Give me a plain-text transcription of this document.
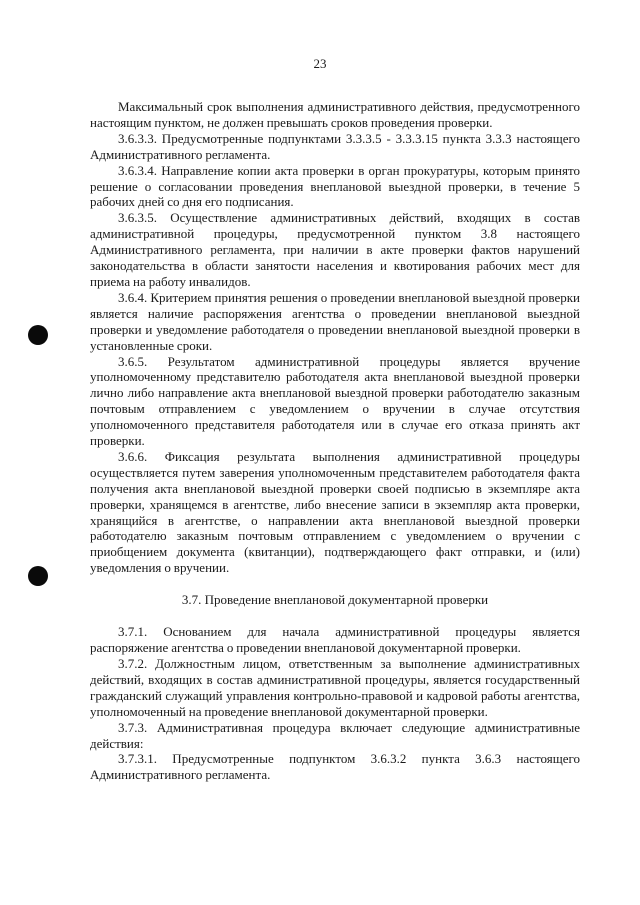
23

Максимальный срок выполнения административного действия, предусмотренного настоящим пунктом, не должен превышать сроков проведения проверки.

3.6.3.3. Предусмотренные подпунктами 3.3.3.5 - 3.3.3.15 пункта 3.3.3 настоящего Административного регламента.

3.6.3.4. Направление копии акта проверки в орган прокуратуры, которым принято решение о согласовании проведения внеплановой выездной проверки, в течение 5 рабочих дней со дня его подписания.

3.6.3.5. Осуществление административных действий, входящих в состав административной процедуры, предусмотренной пунктом 3.8 настоящего Административного регламента, при наличии в акте проверки фактов нарушений законодательства в области занятости населения и квотирования рабочих мест для приема на работу инвалидов.

3.6.4. Критерием принятия решения о проведении внеплановой выездной проверки является наличие распоряжения агентства о проведении внеплановой выездной проверки и уведомление работодателя о проведении внеплановой выездной проверки в установленные сроки.

3.6.5. Результатом административной процедуры является вручение уполномоченному представителю работодателя акта внеплановой выездной проверки лично либо направление акта внеплановой выездной проверки работодателю заказным почтовым отправлением с уведомлением о вручении в случае отсутствия уполномоченного представителя работодателя или в случае его отказа принять акт проверки.

3.6.6. Фиксация результата выполнения административной процедуры осуществляется путем заверения уполномоченным представителем работодателя факта получения акта внеплановой выездной проверки своей подписью в экземпляре акта проверки, хранящемся в агентстве, либо внесение записи в экземпляр акта проверки, хранящийся в агентстве, о направлении акта внеплановой выездной проверки работодателю заказным почтовым отправлением с уведомлением о вручении с приобщением документа (квитанции), подтверждающего факт отправки, и (или) уведомления о вручении.

3.7. Проведение внеплановой документарной проверки

3.7.1. Основанием для начала административной процедуры является распоряжение агентства о проведении внеплановой документарной проверки.

3.7.2. Должностным лицом, ответственным за выполнение административных действий, входящих в состав административной процедуры, является государственный гражданский служащий управления контрольно-правовой и кадровой работы агентства, уполномоченный на проведение внеплановой документарной проверки.

3.7.3. Административная процедура включает следующие административные действия:

3.7.3.1. Предусмотренные подпунктом 3.6.3.2 пункта 3.6.3 настоящего Административного регламента.
